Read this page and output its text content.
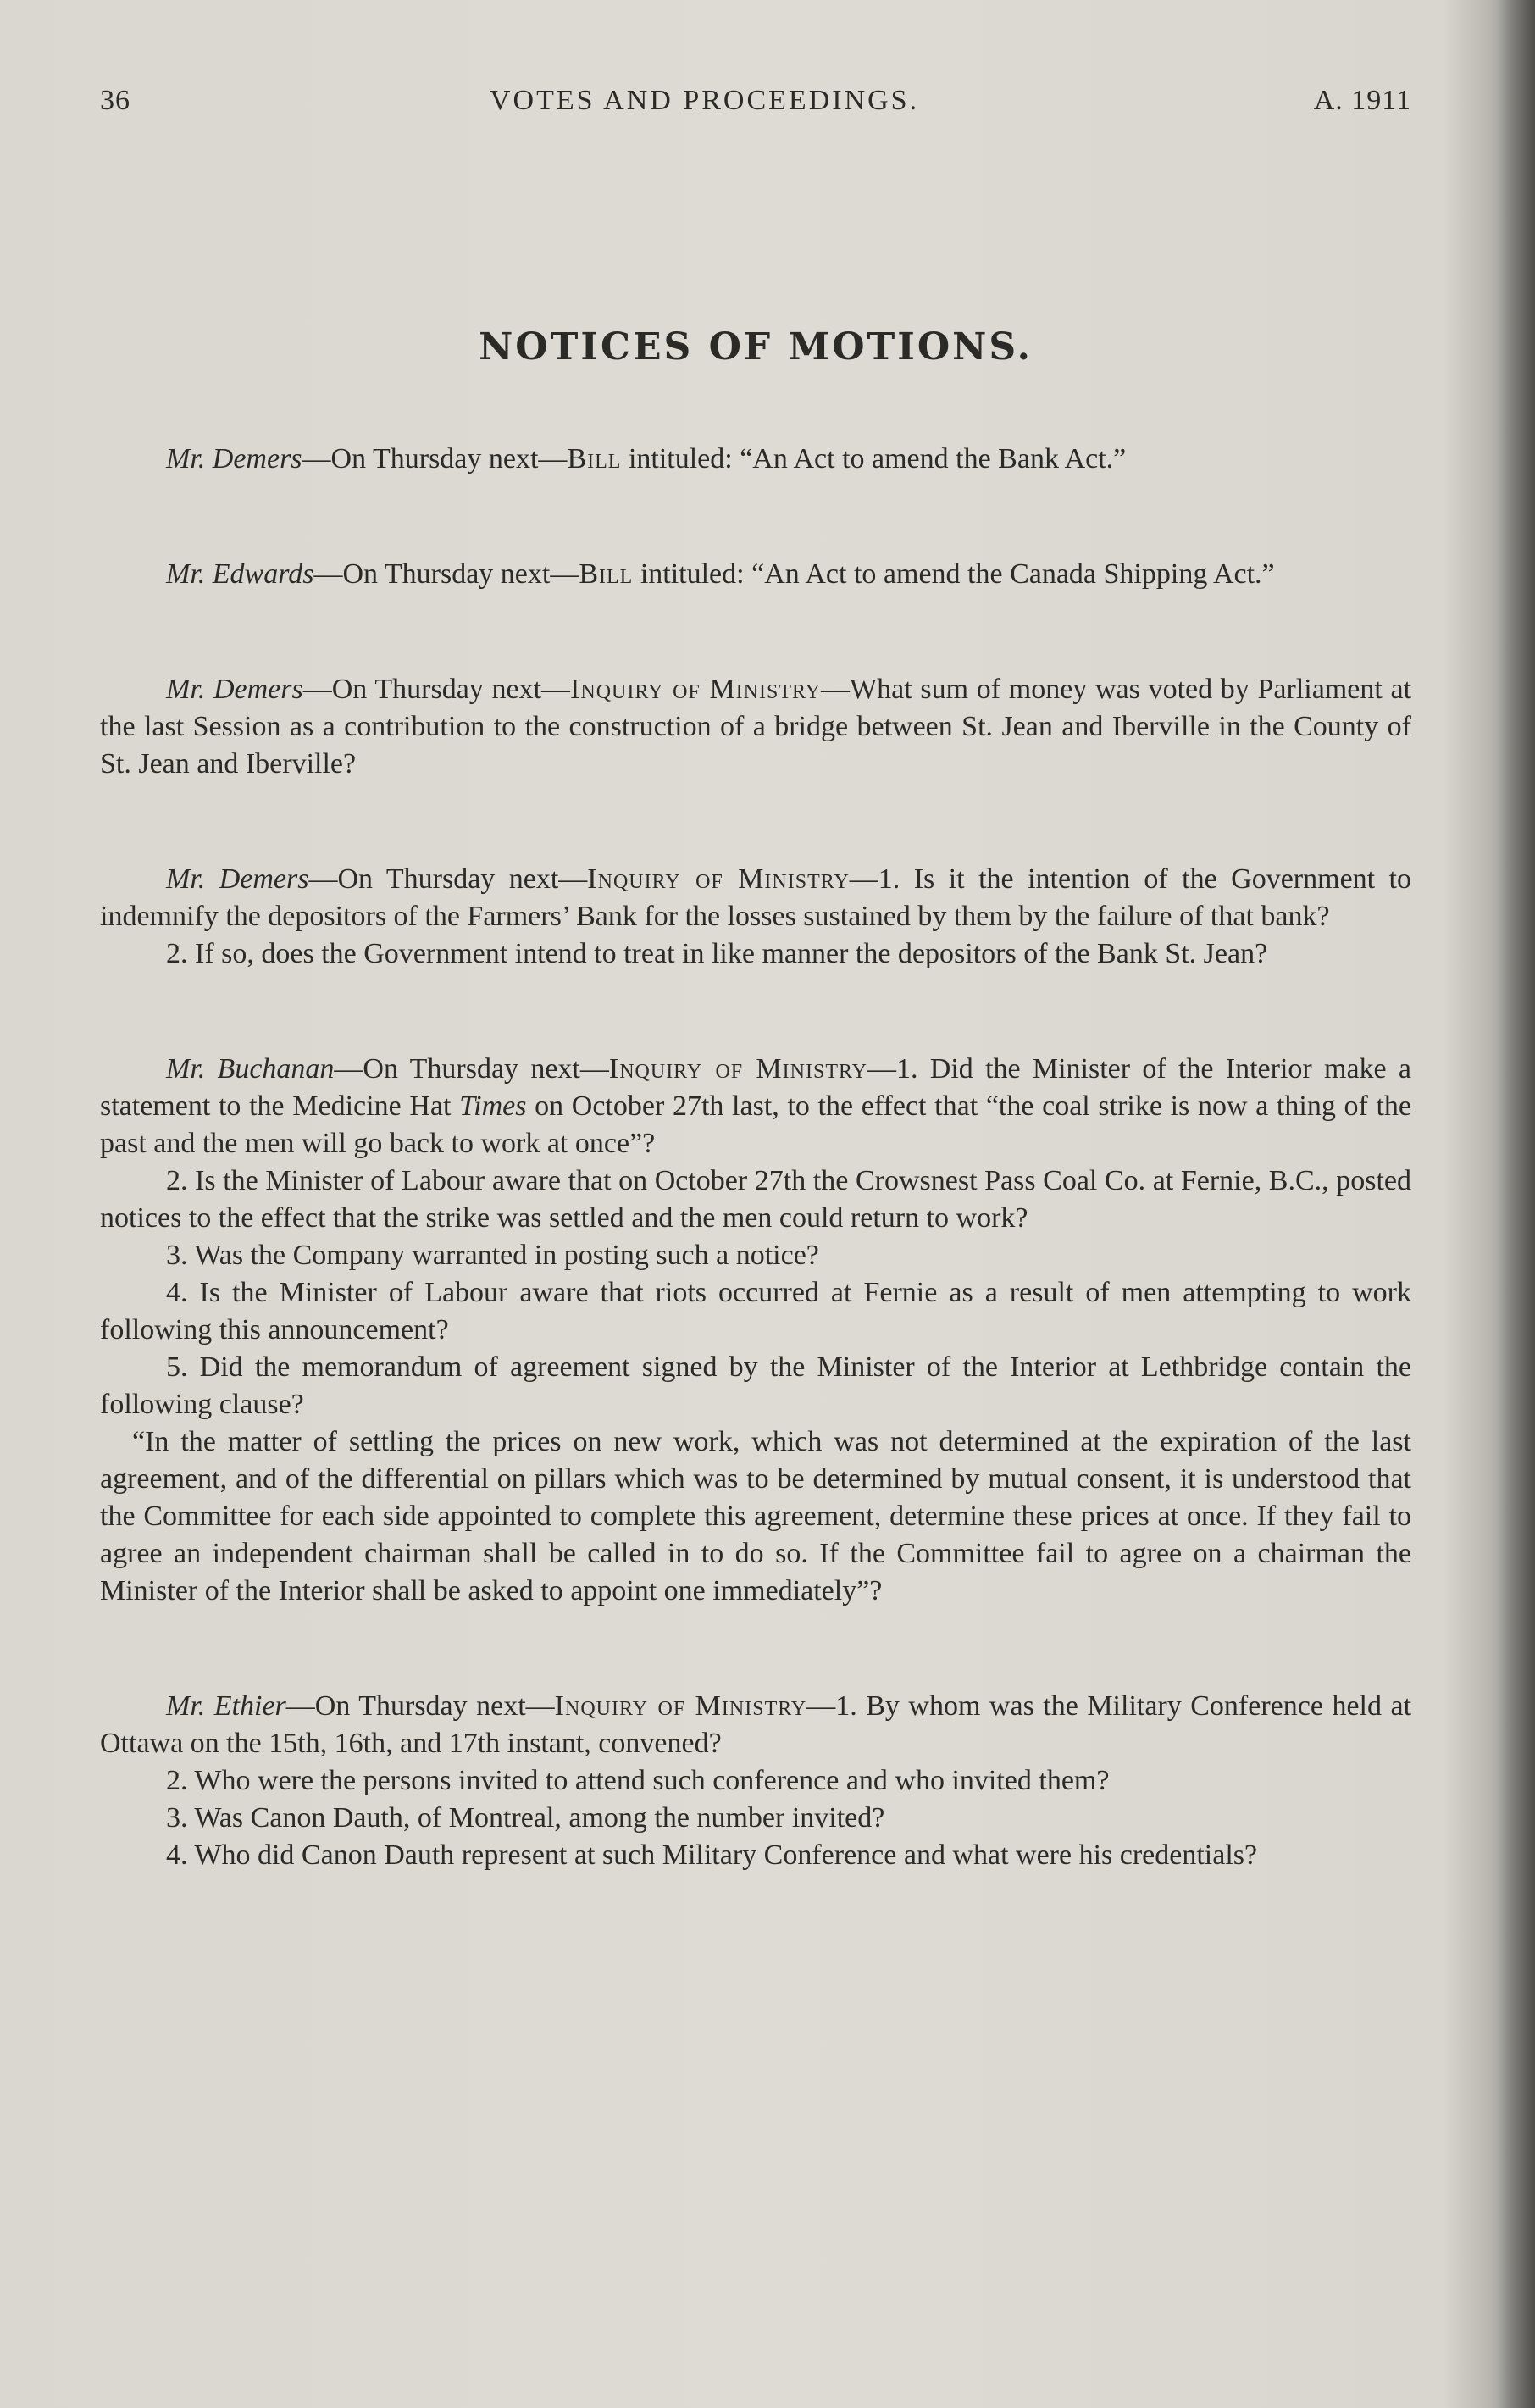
36	VOTES AND PROCEEDINGS.	A. 1911
NOTICES OF MOTIONS.

Mr. Demers—On Thursday next—Bill intituled: “An Act to amend the Bank Act.”

Mr. Edwards—On Thursday next—Bill intituled: “An Act to amend the Canada Shipping Act.”

Mr. Demers—On Thursday next—Inquiry of Ministry—What sum of money was voted by Parliament at the last Session as a contribution to the construction of a bridge between St. Jean and Iberville in the County of St. Jean and Iberville?

Mr. Demers—On Thursday next—Inquiry of Ministry—1. Is it the intention of the Government to indemnify the depositors of the Farmers’ Bank for the losses sustained by them by the failure of that bank?

2. If so, does the Government intend to treat in like manner the depositors of the Bank St. Jean?

Mr. Buchanan—On Thursday next—Inquiry of Ministry—1. Did the Minister of the Interior make a statement to the Medicine Hat Times on October 27th last, to the effect that “the coal strike is now a thing of the past and the men will go back to work at once”?

2. Is the Minister of Labour aware that on October 27th the Crowsnest Pass Coal Co. at Fernie, B.C., posted notices to the effect that the strike was settled and the men could return to work?

3. Was the Company warranted in posting such a notice?

4. Is the Minister of Labour aware that riots occurred at Fernie as a result of men attempting to work following this announcement?

5. Did the memorandum of agreement signed by the Minister of the Interior at Lethbridge contain the following clause?

“In the matter of settling the prices on new work, which was not determined at the expiration of the last agreement, and of the differential on pillars which was to be determined by mutual consent, it is understood that the Committee for each side appointed to complete this agreement, determine these prices at once. If they fail to agree an independent chairman shall be called in to do so. If the Committee fail to agree on a chairman the Minister of the Interior shall be asked to appoint one immediately”?

Mr. Ethier—On Thursday next—Inquiry of Ministry—1. By whom was the Military Conference held at Ottawa on the 15th, 16th, and 17th instant, convened?

2. Who were the persons invited to attend such conference and who invited them?

3. Was Canon Dauth, of Montreal, among the number invited?

4. Who did Canon Dauth represent at such Military Conference and what were his credentials?
